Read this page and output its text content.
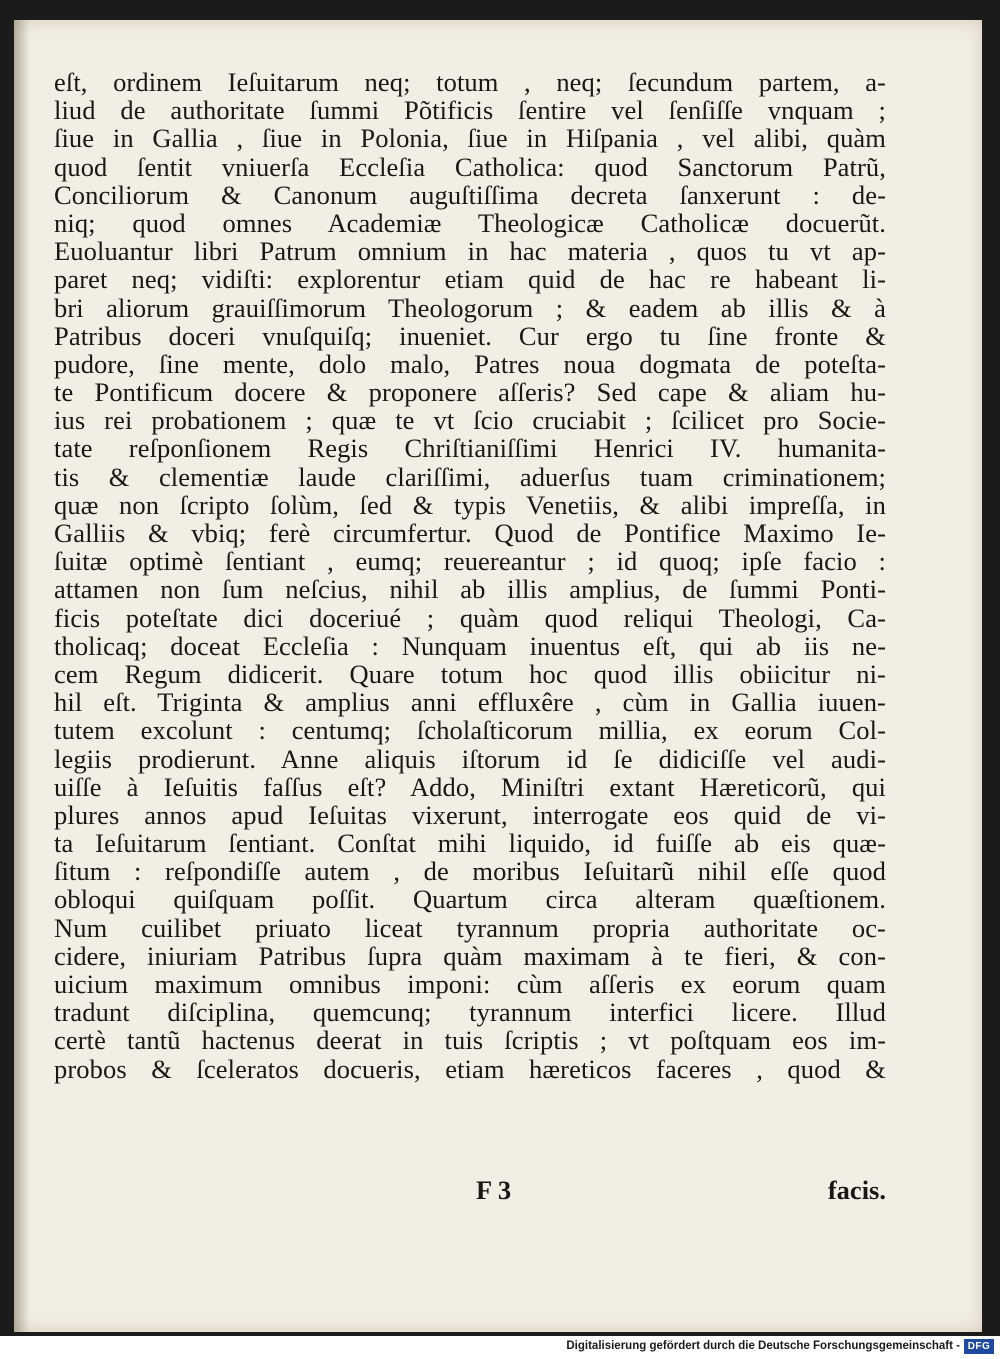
eſt, ordinem Ieſuitarum neq; totum , neq; ſecundum partem, a-
liud de authoritate ſummi Põtificis ſentire vel ſenſiſſe vnquam ;
ſiue in Gallia , ſiue in Polonia, ſiue in Hiſpania , vel alibi, quàm
quod ſentit vniuerſa Eccleſia Catholica: quod Sanctorum Patrũ,
Conciliorum & Canonum auguſtiſſima decreta ſanxerunt : de-
niq; quod omnes Academiæ Theologicæ Catholicæ docuerũt.
Euoluantur libri Patrum omnium in hac materia , quos tu vt ap-
paret neq; vidiſti: explorentur etiam quid de hac re habeant li-
bri aliorum grauiſſimorum Theologorum ; & eadem ab illis & à
Patribus doceri vnuſquiſq; inueniet. Cur ergo tu ſine fronte &
pudore, ſine mente, dolo malo, Patres noua dogmata de poteſta-
te Pontificum docere & proponere aſſeris? Sed cape & aliam hu-
ius rei probationem ; quæ te vt ſcio cruciabit ; ſcilicet pro Socie-
tate reſponſionem Regis Chriſtianiſſimi Henrici IV. humanita-
tis & clementiæ laude clariſſimi, aduerſus tuam criminationem;
quæ non ſcripto ſolùm, ſed & typis Venetiis, & alibi impreſſa, in
Galliis & vbiq; ferè circumfertur. Quod de Pontifice Maximo Ie-
ſuitæ optimè ſentiant , eumq; reuereantur ; id quoq; ipſe facio :
attamen non ſum neſcius, nihil ab illis amplius, de ſummi Ponti-
ficis poteſtate dici doceriué ; quàm quod reliqui Theologi, Ca-
tholicaq; doceat Eccleſia : Nunquam inuentus eſt, qui ab iis ne-
cem Regum didicerit. Quare totum hoc quod illis obiicitur ni-
hil eſt. Triginta & amplius anni effluxêre , cùm in Gallia iuuen-
tutem excolunt : centumq; ſcholaſticorum millia, ex eorum Col-
legiis prodierunt. Anne aliquis iſtorum id ſe didiciſſe vel audi-
uiſſe à Ieſuitis faſſus eſt? Addo, Miniſtri extant Hæreticorũ, qui
plures annos apud Ieſuitas vixerunt, interrogate eos quid de vi-
ta Ieſuitarum ſentiant. Conſtat mihi liquido, id fuiſſe ab eis quæ-
ſitum : reſpondiſſe autem , de moribus Ieſuitarũ nihil eſſe quod
obloqui quiſquam poſſit. Quartum circa alteram quæſtionem.
Num cuilibet priuato liceat tyrannum propria authoritate oc-
cidere, iniuriam Patribus ſupra quàm maximam à te fieri, & con-
uicium maximum omnibus imponi: cùm aſſeris ex eorum quam
tradunt diſciplina, quemcunq; tyrannum interfici licere. Illud
certè tantũ hactenus deerat in tuis ſcriptis ; vt poſtquam eos im-
probos & ſceleratos docueris, etiam hæreticos faceres , quod &
F 3	facis.
Digitalisierung gefördert durch die Deutsche Forschungsgemeinschaft - DFG
